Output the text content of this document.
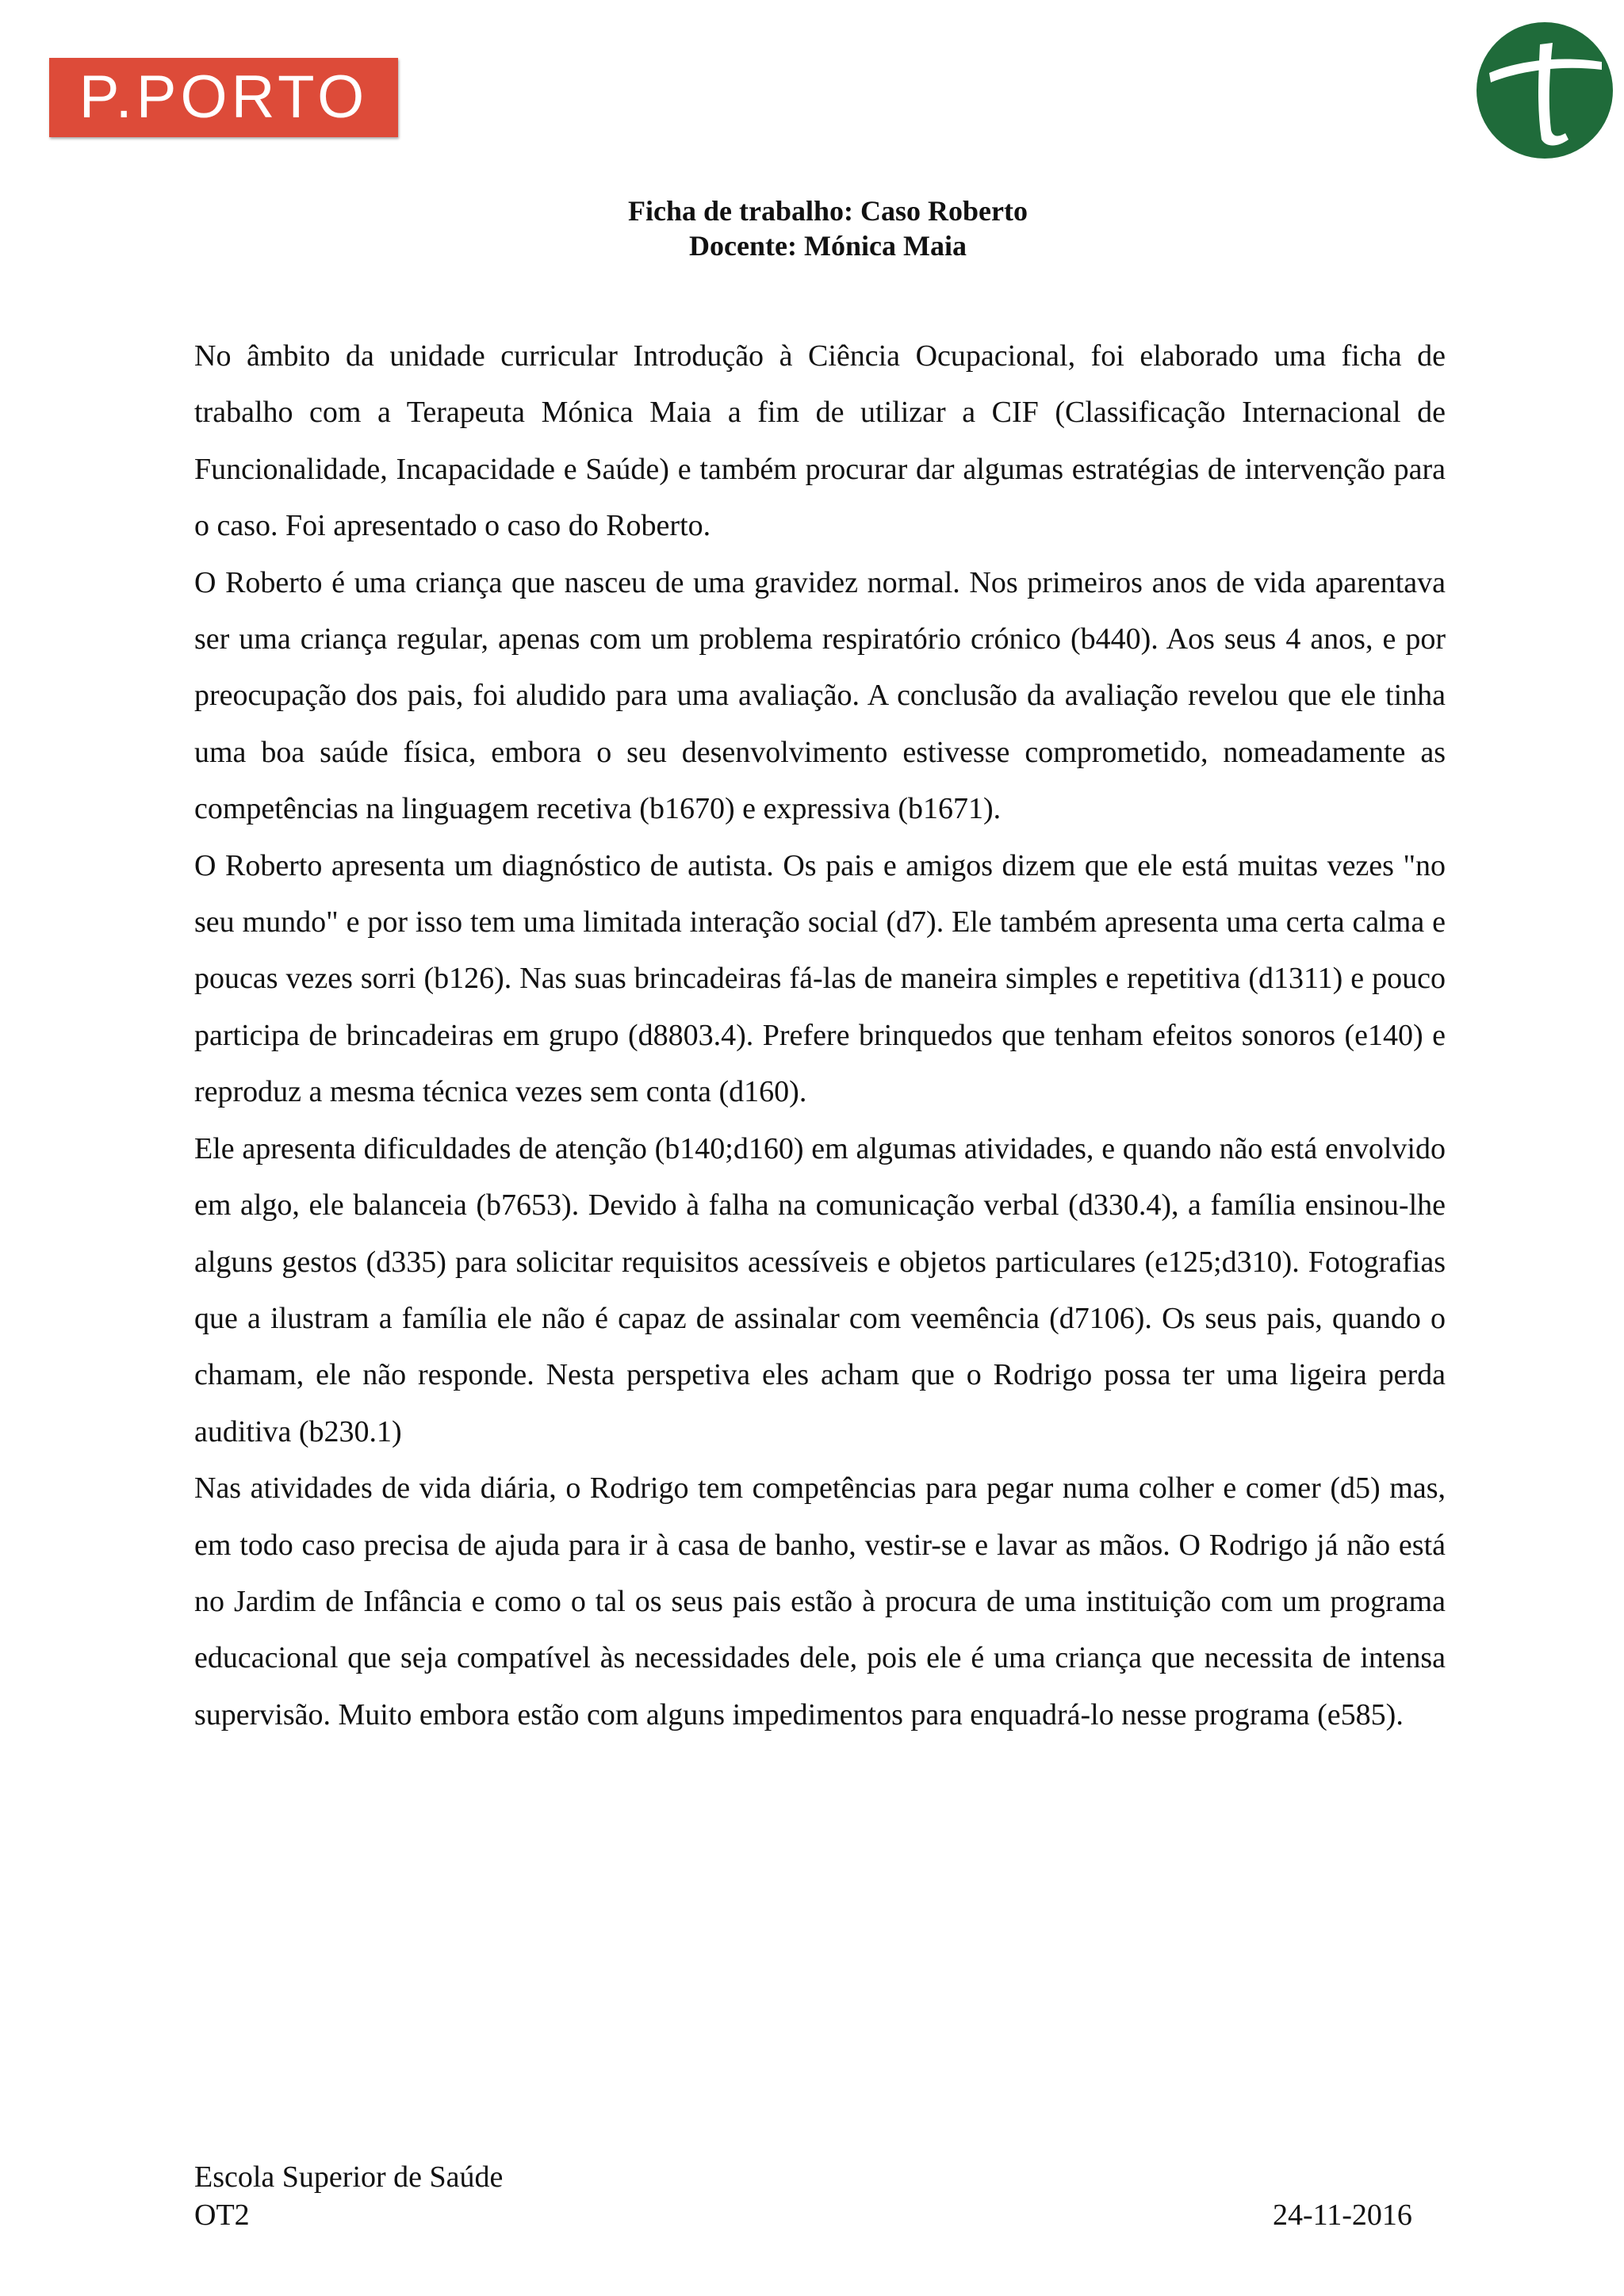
P.PORTO
Ficha de trabalho: Caso Roberto
Docente: Mónica Maia

No âmbito da unidade curricular Introdução à Ciência Ocupacional, foi elaborado uma ficha de trabalho com a Terapeuta Mónica Maia a fim de utilizar a CIF (Classificação Internacional de Funcionalidade, Incapacidade e Saúde) e também procurar dar algumas estratégias de intervenção para o caso. Foi apresentado o caso do Roberto.

O Roberto é uma criança que nasceu de uma gravidez normal. Nos primeiros anos de vida aparentava ser uma criança regular, apenas com um problema respiratório crónico (b440). Aos seus 4 anos, e por preocupação dos pais, foi aludido para uma avaliação. A conclusão da avaliação revelou que ele tinha uma boa saúde física, embora o seu desenvolvimento estivesse comprometido, nomeadamente as competências na linguagem recetiva (b1670) e expressiva (b1671).

O Roberto apresenta um diagnóstico de autista. Os pais e amigos dizem que ele está muitas vezes "no seu mundo" e por isso tem uma limitada interação social (d7). Ele também apresenta uma certa calma e poucas vezes sorri (b126). Nas suas brincadeiras fá-las de maneira simples e repetitiva (d1311) e pouco participa de brincadeiras em grupo (d8803.4). Prefere brinquedos que tenham efeitos sonoros (e140) e reproduz a mesma técnica vezes sem conta (d160).

Ele apresenta dificuldades de atenção (b140;d160) em algumas atividades, e quando não está envolvido em algo, ele balanceia (b7653). Devido à falha na comunicação verbal (d330.4), a família ensinou-lhe alguns gestos (d335) para solicitar requisitos acessíveis e objetos particulares (e125;d310). Fotografias que a ilustram a família ele não é capaz de assinalar com veemência (d7106). Os seus pais, quando o chamam, ele não responde. Nesta perspetiva eles acham que o Rodrigo possa ter uma ligeira perda auditiva (b230.1)

Nas atividades de vida diária, o Rodrigo tem competências para pegar numa colher e comer (d5) mas, em todo caso precisa de ajuda para ir à casa de banho, vestir-se e lavar as mãos. O Rodrigo já não está no Jardim de Infância e como o tal os seus pais estão à procura de uma instituição com um programa educacional que seja compatível às necessidades dele, pois ele é uma criança que necessita de intensa supervisão. Muito embora estão com alguns impedimentos para enquadrá-lo nesse programa (e585).

Escola Superior de Saúde
OT2	24-11-2016
